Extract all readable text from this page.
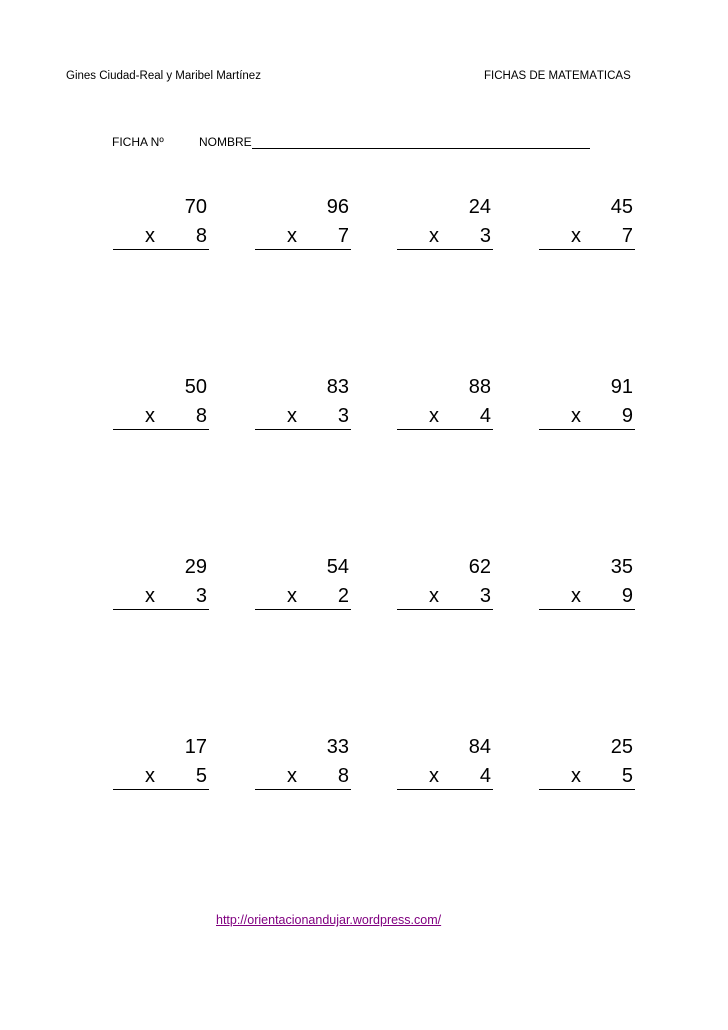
Gines Ciudad-Real y Maribel Martínez	FICHAS DE MATEMÁTICAS
FICHA Nº	NOMBRE
70
x 8
96
x 7
24
x 3
45
x 7
50
x 8
83
x 3
88
x 4
91
x 9
29
x 3
54
x 2
62
x 3
35
x 9
17
x 5
33
x 8
84
x 4
25
x 5
http://orientacionandujar.wordpress.com/
